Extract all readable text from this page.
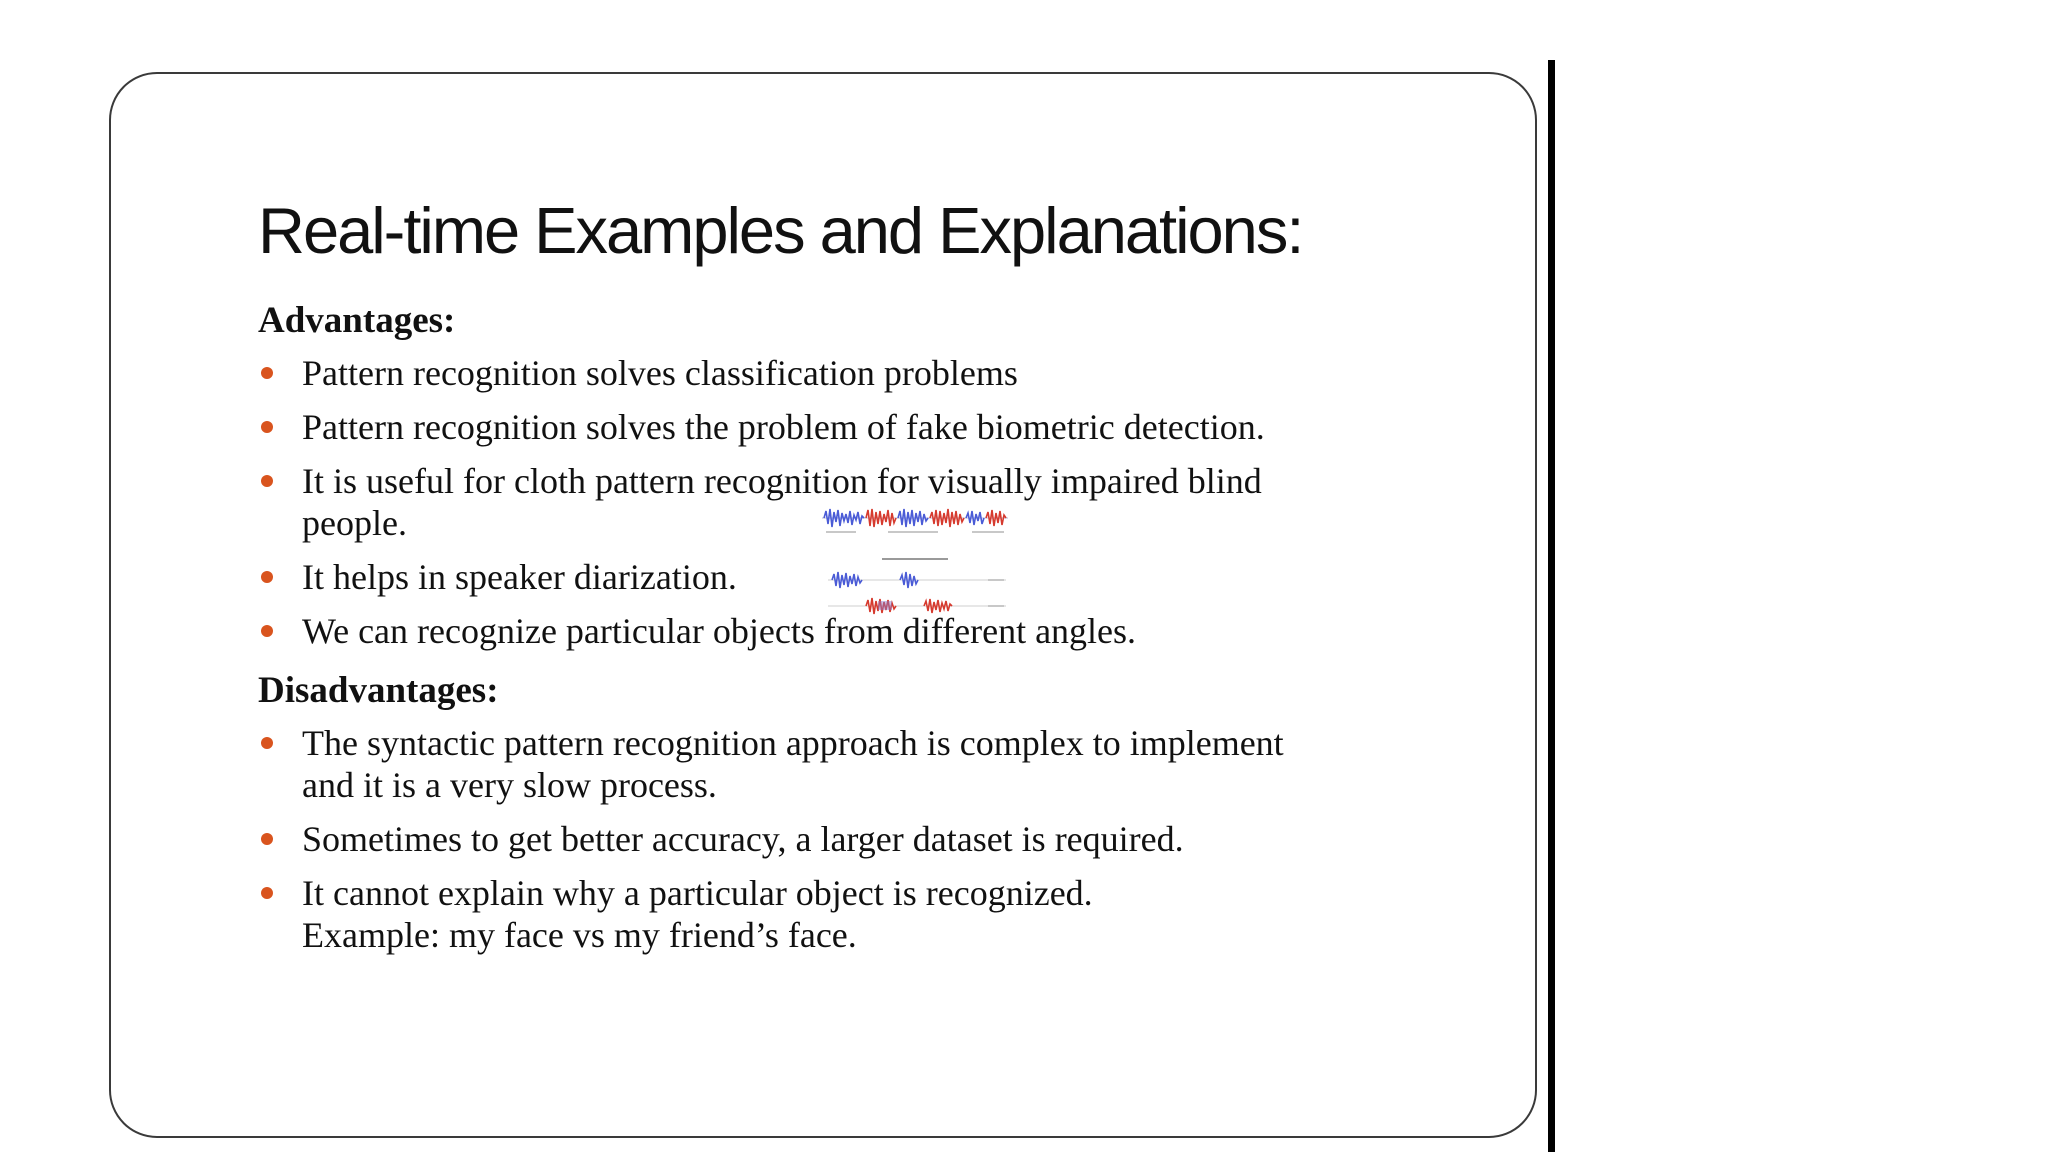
Real-time Examples and Explanations:
Advantages:
Pattern recognition solves classification problems
Pattern recognition solves the problem of fake biometric detection.
It is useful for cloth pattern recognition for visually impaired blind
people.
It helps in speaker diarization.
We can recognize particular objects from different angles.
Disadvantages:
The syntactic pattern recognition approach is complex to implement
and it is a very slow process.
Sometimes to get better accuracy, a larger dataset is required.
It cannot explain why a particular object is recognized.
Example: my face vs my friend’s face.
